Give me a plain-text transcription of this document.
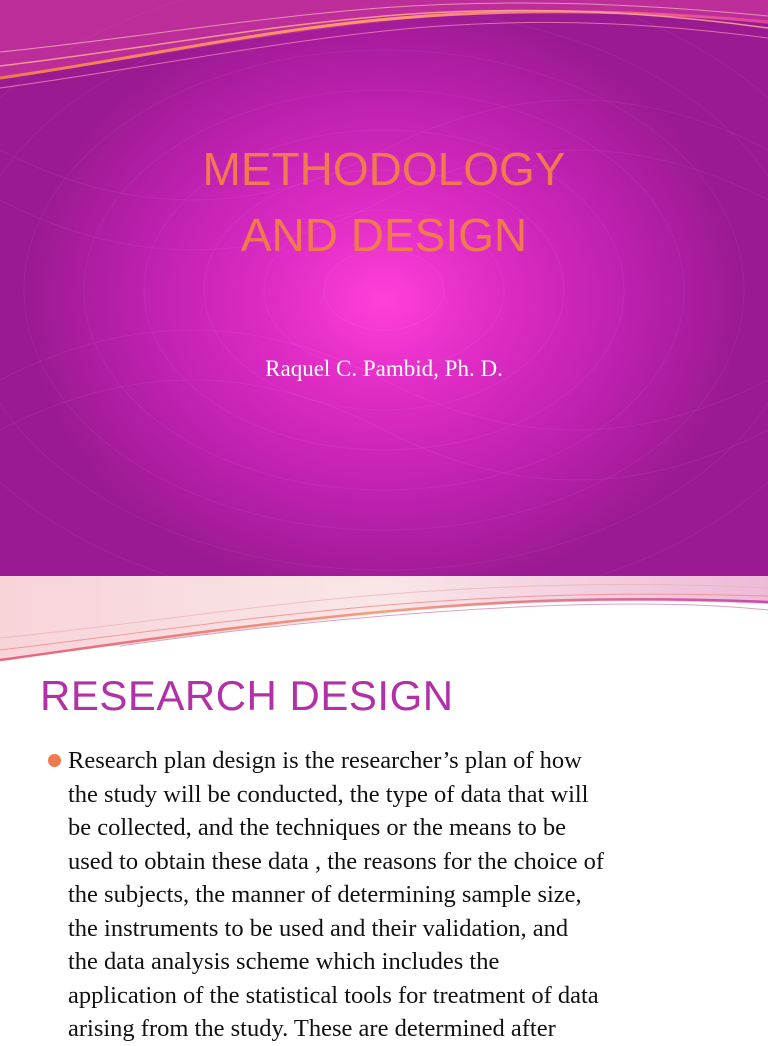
METHODOLOGY
AND DESIGN
Raquel C. Pambid, Ph. D.
RESEARCH DESIGN
Research plan design is the researcher’s plan of how
the study will be conducted, the type of data that will
be collected, and the techniques or the means to be
used to obtain these data , the reasons for the choice of
the subjects, the manner of determining sample size,
the instruments to be used and their validation, and
the data analysis scheme which includes the
application of the statistical tools for treatment of data
arising from the study. These are determined after
